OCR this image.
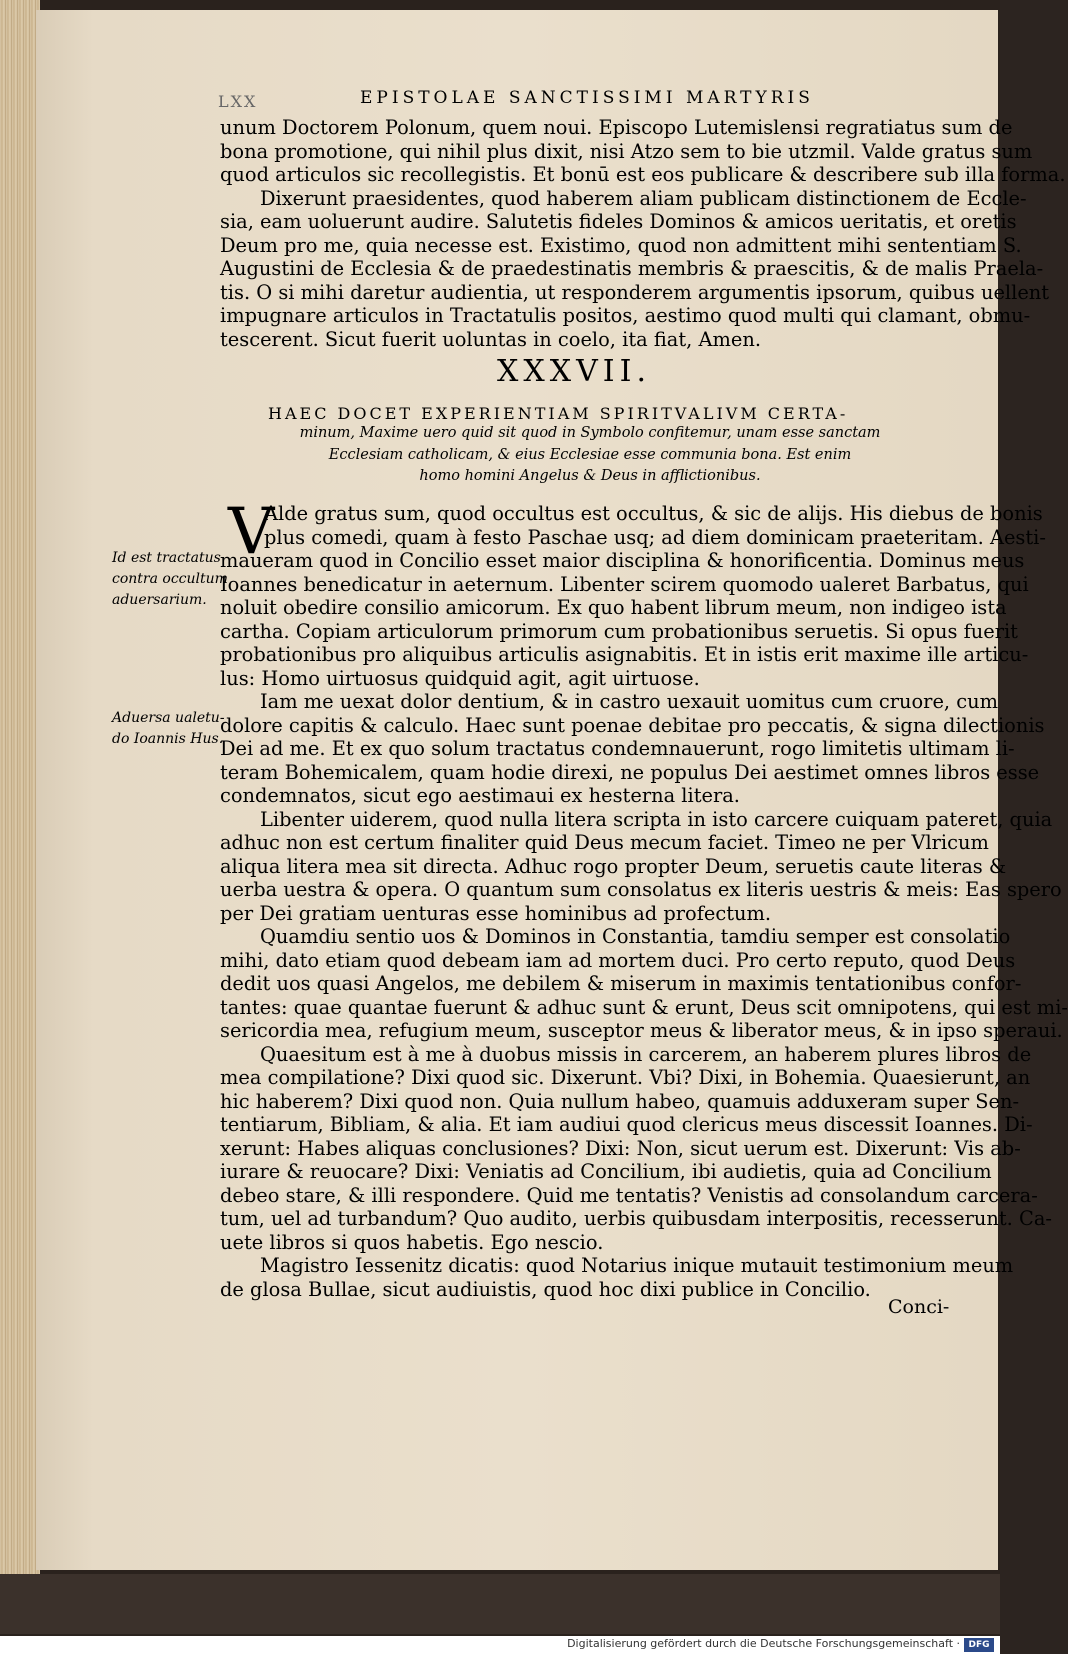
LXX	EPISTOLAE SANCTISSIMI MARTYRIS
unum Doctorem Polonum, quem noui. Episcopo Lutemislensi regratiatus sum de
bona promotione, qui nihil plus dixit, nisi Atzo sem to bie utzmil. Valde gratus sum
quod articulos sic recollegistis. Et bonū est eos publicare & describere sub illa forma.
Dixerunt praesidentes, quod haberem aliam publicam distinctionem de Eccle-
sia, eam uoluerunt audire. Salutetis fideles Dominos & amicos ueritatis, et oretis
Deum pro me, quia necesse est. Existimo, quod non admittent mihi sententiam S.
Augustini de Ecclesia & de praedestinatis membris & praescitis, & de malis Praela-
tis. O si mihi daretur audientia, ut responderem argumentis ipsorum, quibus uellent
impugnare articulos in Tractatulis positos, aestimo quod multi qui clamant, obmu-
tescerent. Sicut fuerit uoluntas in coelo, ita fiat, Amen.
XXXVII.
HAEC DOCET EXPERIENTIAM SPIRITVALIVM CERTA-
minum, Maxime uero quid sit quod in Symbolo confitemur, unam esse sanctam
Ecclesiam catholicam, & eius Ecclesiae esse communia bona. Est enim
homo homini Angelus & Deus in afflictionibus.
V
Alde gratus sum, quod occultus est occultus, & sic de alijs. His diebus de bonis
plus comedi, quam à festo Paschae usq; ad diem dominicam praeteritam. Aesti-
maueram quod in Concilio esset maior disciplina & honorificentia. Dominus meus
Ioannes benedicatur in aeternum. Libenter scirem quomodo ualeret Barbatus, qui
noluit obedire consilio amicorum. Ex quo habent librum meum, non indigeo ista
cartha. Copiam articulorum primorum cum probationibus seruetis. Si opus fuerit
probationibus pro aliquibus articulis asignabitis. Et in istis erit maxime ille articu-
lus: Homo uirtuosus quidquid agit, agit uirtuose.
Iam me uexat dolor dentium, & in castro uexauit uomitus cum cruore, cum
dolore capitis & calculo. Haec sunt poenae debitae pro peccatis, & signa dilectionis
Dei ad me. Et ex quo solum tractatus condemnauerunt, rogo limitetis ultimam li-
teram Bohemicalem, quam hodie direxi, ne populus Dei aestimet omnes libros esse
condemnatos, sicut ego aestimaui ex hesterna litera.
Libenter uiderem, quod nulla litera scripta in isto carcere cuiquam pateret, quia
adhuc non est certum finaliter quid Deus mecum faciet. Timeo ne per Vlricum
aliqua litera mea sit directa. Adhuc rogo propter Deum, seruetis caute literas &
uerba uestra & opera. O quantum sum consolatus ex literis uestris & meis: Eas spero
per Dei gratiam uenturas esse hominibus ad profectum.
Quamdiu sentio uos & Dominos in Constantia, tamdiu semper est consolatio
mihi, dato etiam quod debeam iam ad mortem duci. Pro certo reputo, quod Deus
dedit uos quasi Angelos, me debilem & miserum in maximis tentationibus confor-
tantes: quae quantae fuerunt & adhuc sunt & erunt, Deus scit omnipotens, qui est mi-
sericordia mea, refugium meum, susceptor meus & liberator meus, & in ipso speraui.
Quaesitum est à me à duobus missis in carcerem, an haberem plures libros de
mea compilatione? Dixi quod sic. Dixerunt. Vbi? Dixi, in Bohemia. Quaesierunt, an
hic haberem? Dixi quod non. Quia nullum habeo, quamuis adduxeram super Sen-
tentiarum, Bibliam, & alia. Et iam audiui quod clericus meus discessit Ioannes. Di-
xerunt: Habes aliquas conclusiones? Dixi: Non, sicut uerum est. Dixerunt: Vis ab-
iurare & reuocare? Dixi: Veniatis ad Concilium, ibi audietis, quia ad Concilium
debeo stare, & illi respondere. Quid me tentatis? Venistis ad consolandum carcera-
tum, uel ad turbandum? Quo audito, uerbis quibusdam interpositis, recesserunt. Ca-
uete libros si quos habetis. Ego nescio.
Magistro Iessenitz dicatis: quod Notarius inique mutauit testimonium meum
de glosa Bullae, sicut audiuistis, quod hoc dixi publice in Concilio.
Id est tractatus
contra occultum
aduersarium.
Aduersa ualetu-
do Ioannis Hus.
Conci-
Digitalisierung gefördert durch die Deutsche Forschungsgemeinschaft · DFG
